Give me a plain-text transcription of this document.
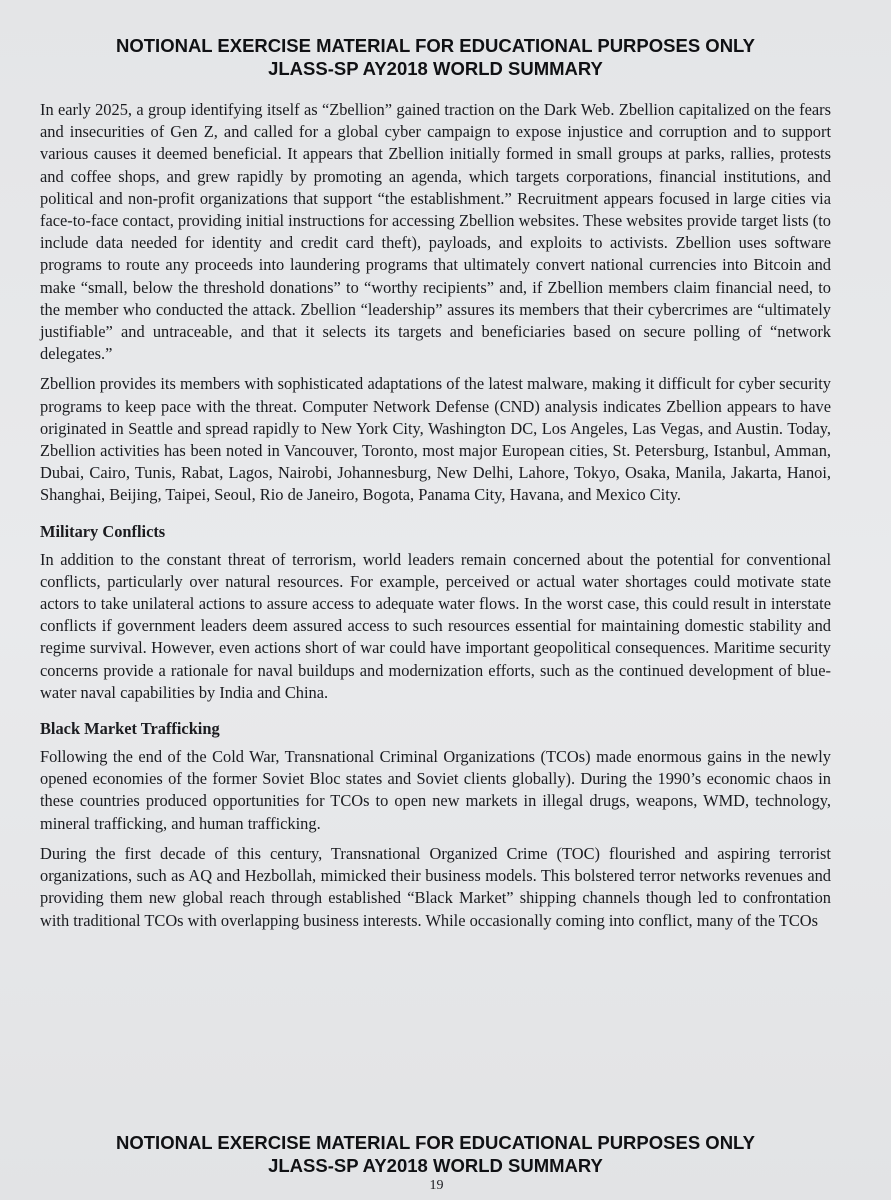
NOTIONAL EXERCISE MATERIAL FOR EDUCATIONAL PURPOSES ONLY
JLASS-SP AY2018 WORLD SUMMARY

In early 2025, a group identifying itself as “Zbellion” gained traction on the Dark Web. Zbellion capitalized on the fears and insecurities of Gen Z, and called for a global cyber campaign to expose injustice and corruption and to support various causes it deemed beneficial. It appears that Zbellion initially formed in small groups at parks, rallies, protests and coffee shops, and grew rapidly by promoting an agenda, which targets corporations, financial institutions, and political and non-profit organizations that support “the establishment.” Recruitment appears focused in large cities via face-to-face contact, providing initial instructions for accessing Zbellion websites. These websites provide target lists (to include data needed for identity and credit card theft), payloads, and exploits to activists. Zbellion uses software programs to route any proceeds into laundering programs that ultimately convert national currencies into Bitcoin and make “small, below the threshold donations” to “worthy recipients” and, if Zbellion members claim financial need, to the member who conducted the attack. Zbellion “leadership” assures its members that their cybercrimes are “ultimately justifiable” and untraceable, and that it selects its targets and beneficiaries based on secure polling of “network delegates.”

Zbellion provides its members with sophisticated adaptations of the latest malware, making it difficult for cyber security programs to keep pace with the threat. Computer Network Defense (CND) analysis indicates Zbellion appears to have originated in Seattle and spread rapidly to New York City, Washington DC, Los Angeles, Las Vegas, and Austin. Today, Zbellion activities has been noted in Vancouver, Toronto, most major European cities, St. Petersburg, Istanbul, Amman, Dubai, Cairo, Tunis, Rabat, Lagos, Nairobi, Johannesburg, New Delhi, Lahore, Tokyo, Osaka, Manila, Jakarta, Hanoi, Shanghai, Beijing, Taipei, Seoul, Rio de Janeiro, Bogota, Panama City, Havana, and Mexico City.

Military Conflicts

In addition to the constant threat of terrorism, world leaders remain concerned about the potential for conventional conflicts, particularly over natural resources. For example, perceived or actual water shortages could motivate state actors to take unilateral actions to assure access to adequate water flows. In the worst case, this could result in interstate conflicts if government leaders deem assured access to such resources essential for maintaining domestic stability and regime survival. However, even actions short of war could have important geopolitical consequences. Maritime security concerns provide a rationale for naval buildups and modernization efforts, such as the continued development of blue-water naval capabilities by India and China.

Black Market Trafficking

Following the end of the Cold War, Transnational Criminal Organizations (TCOs) made enormous gains in the newly opened economies of the former Soviet Bloc states and Soviet clients globally). During the 1990’s economic chaos in these countries produced opportunities for TCOs to open new markets in illegal drugs, weapons, WMD, technology, mineral trafficking, and human trafficking.

During the first decade of this century, Transnational Organized Crime (TOC) flourished and aspiring terrorist organizations, such as AQ and Hezbollah, mimicked their business models. This bolstered terror networks revenues and providing them new global reach through established “Black Market” shipping channels though led to confrontation with traditional TCOs with overlapping business interests. While occasionally coming into conflict, many of the TCOs

NOTIONAL EXERCISE MATERIAL FOR EDUCATIONAL PURPOSES ONLY
JLASS-SP AY2018 WORLD SUMMARY
19
